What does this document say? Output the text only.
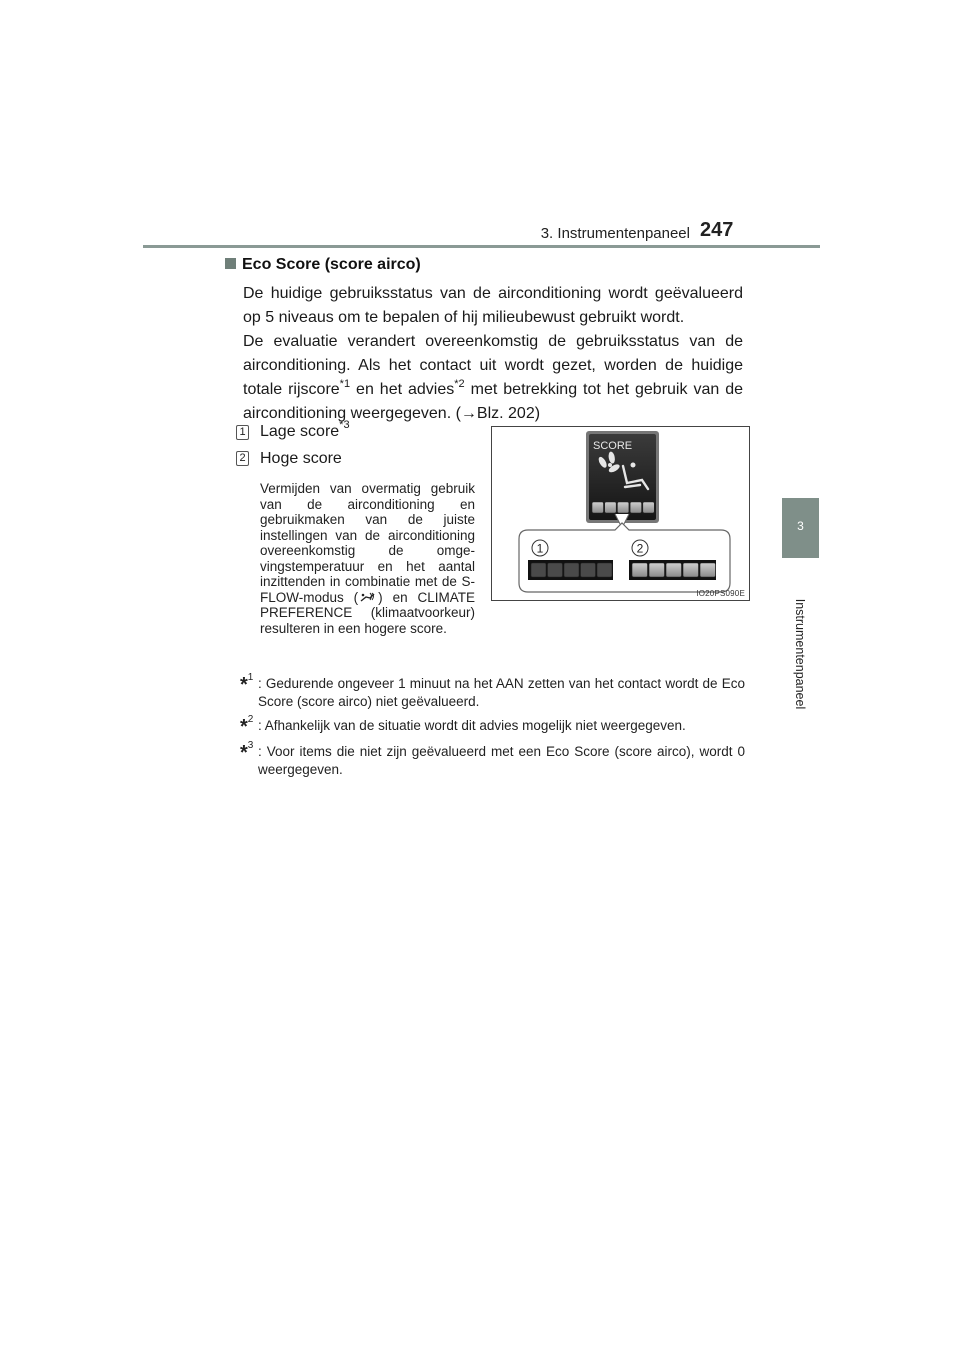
3. Instrumentenpaneel 247
3
Instrumentenpaneel
Eco Score (score airco)

De huidige gebruiksstatus van de airconditioning wordt geëvalueerd op 5 niveaus om te bepalen of hij milieubewust gebruikt wordt.

De evaluatie verandert overeenkomstig de gebruiksstatus van de airconditioning. Als het contact uit wordt gezet, worden de huidige totale rijscore$^{*1}$ en het advies$^{*2}$ met betrekking tot het gebruik van de airconditioning weergegeven. (→Blz. 202)

1 Lage score$^{*3}$
2 Hoge score

Vermijden van overmatig gebruik van de airconditioning en gebruikmaken van de juiste instellingen van de airconditioning overeenkomstig de omgevingstemperatuur en het aantal inzittenden in combinatie met de S-FLOW-modus ( ) en CLIMATE PREFERENCE (klimaatvoorkeur) resulteren in een hogere score.

*$^1$ : Gedurende ongeveer 1 minuut na het AAN zetten van het contact wordt de Eco Score (score airco) niet geëvalueerd.
*$^2$ : Afhankelijk van de situatie wordt dit advies mogelijk niet weergegeven.
*$^3$ : Voor items die niet zijn geëvalueerd met een Eco Score (score airco), wordt 0 weergegeven.
SCORE
1	2
IO20PS090E
